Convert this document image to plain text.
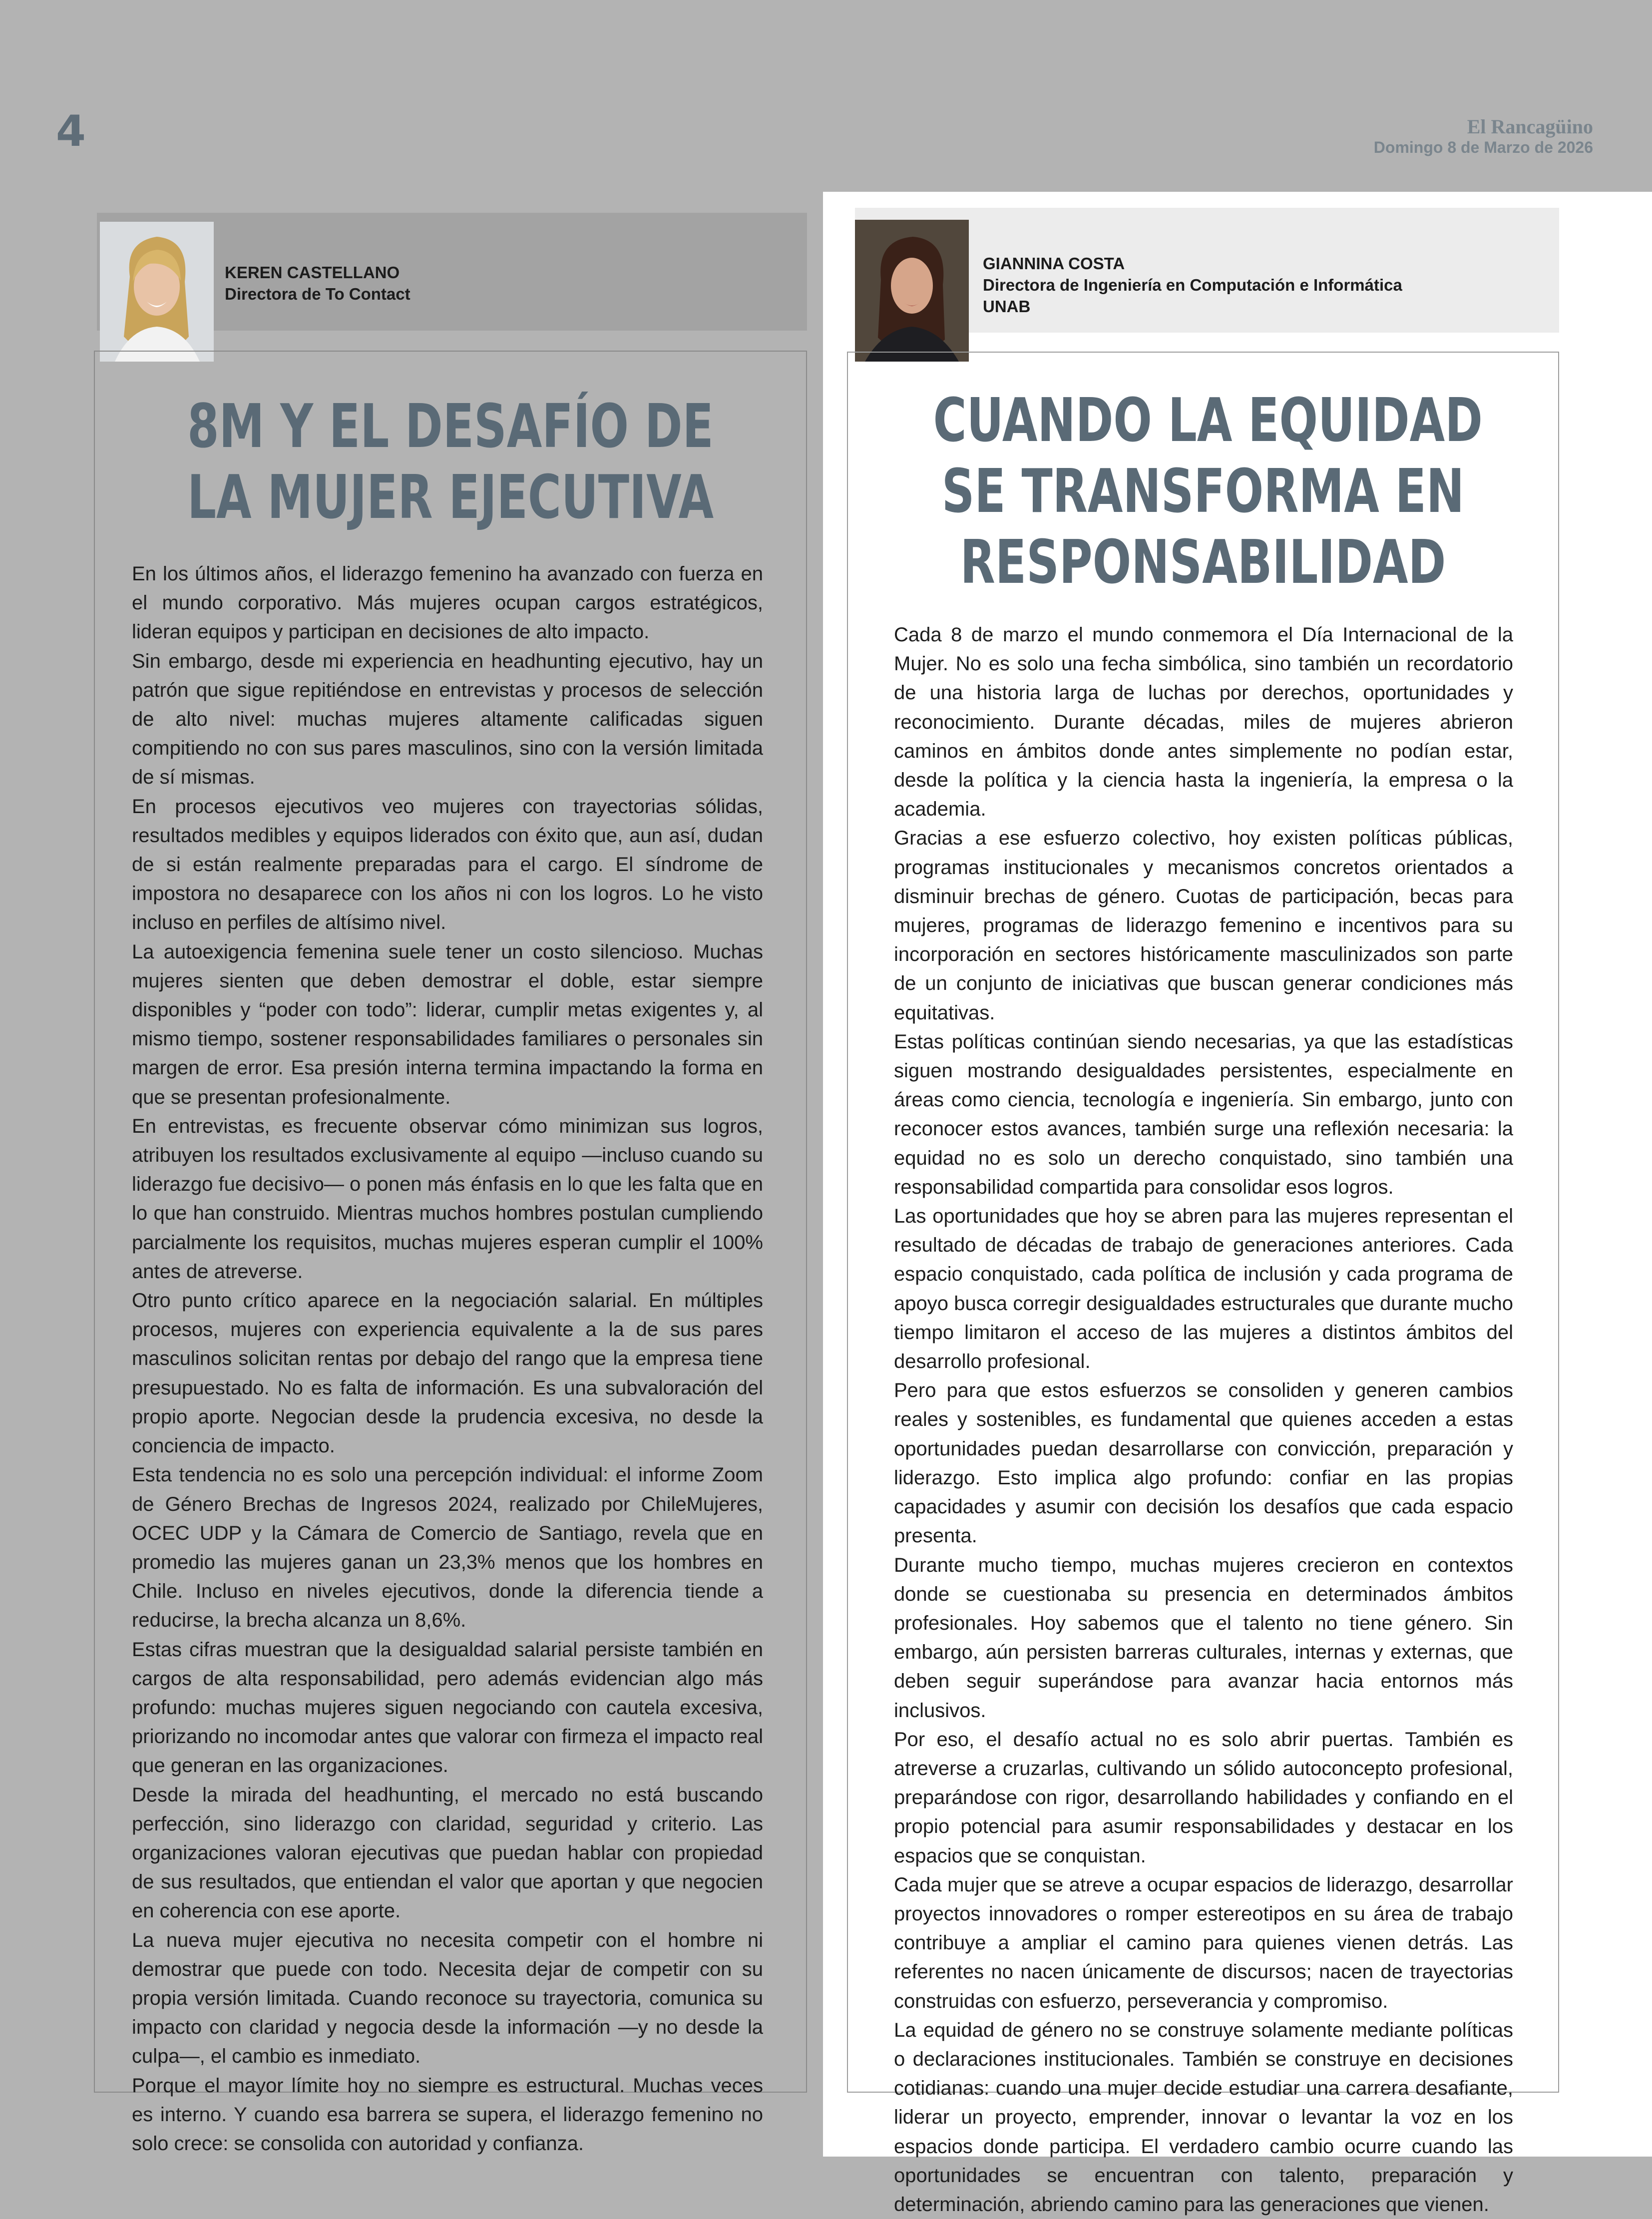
4	El Rancagüino
Domingo 8 de Marzo de 2026
KEREN CASTELLANO
Directora de To Contact
GIANNINA COSTA
Directora de Ingeniería en Computación e Informática
UNAB
8M Y EL DESAFÍO DE
LA MUJER EJECUTIVA

En los últimos años, el liderazgo femenino ha avanzado con fuerza en el mundo corporativo. Más mujeres ocupan cargos estratégicos, lideran equipos y participan en decisiones de alto impacto.

Sin embargo, desde mi experiencia en headhunting ejecutivo, hay un patrón que sigue repitiéndose en entrevistas y procesos de selección de alto nivel: muchas mujeres altamente calificadas siguen compitiendo no con sus pares masculinos, sino con la versión limitada de sí mismas.

En procesos ejecutivos veo mujeres con trayectorias sólidas, resultados medibles y equipos liderados con éxito que, aun así, dudan de si están realmente preparadas para el cargo. El síndrome de impostora no desaparece con los años ni con los logros. Lo he visto incluso en perfiles de altísimo nivel.

La autoexigencia femenina suele tener un costo silencioso. Muchas mujeres sienten que deben demostrar el doble, estar siempre disponibles y “poder con todo”: liderar, cumplir metas exigentes y, al mismo tiempo, sostener responsabilidades familiares o personales sin margen de error. Esa presión interna termina impactando la forma en que se presentan profesionalmente.

En entrevistas, es frecuente observar cómo minimizan sus logros, atribuyen los resultados exclusivamente al equipo —incluso cuando su liderazgo fue decisivo— o ponen más énfasis en lo que les falta que en lo que han construido. Mientras muchos hombres postulan cumpliendo parcialmente los requisitos, muchas mujeres esperan cumplir el 100% antes de atreverse.

Otro punto crítico aparece en la negociación salarial. En múltiples procesos, mujeres con experiencia equivalente a la de sus pares masculinos solicitan rentas por debajo del rango que la empresa tiene presupuestado. No es falta de información. Es una subvaloración del propio aporte. Negocian desde la prudencia excesiva, no desde la conciencia de impacto.

Esta tendencia no es solo una percepción individual: el informe Zoom de Género Brechas de Ingresos 2024, realizado por ChileMujeres, OCEC UDP y la Cámara de Comercio de Santiago, revela que en promedio las mujeres ganan un 23,3% menos que los hombres en Chile. Incluso en niveles ejecutivos, donde la diferencia tiende a reducirse, la brecha alcanza un 8,6%.

Estas cifras muestran que la desigualdad salarial persiste también en cargos de alta responsabilidad, pero además evidencian algo más profundo: muchas mujeres siguen negociando con cautela excesiva, priorizando no incomodar antes que valorar con firmeza el impacto real que generan en las organizaciones.

Desde la mirada del headhunting, el mercado no está buscando perfección, sino liderazgo con claridad, seguridad y criterio. Las organizaciones valoran ejecutivas que puedan hablar con propiedad de sus resultados, que entiendan el valor que aportan y que negocien en coherencia con ese aporte.

La nueva mujer ejecutiva no necesita competir con el hombre ni demostrar que puede con todo. Necesita dejar de competir con su propia versión limitada. Cuando reconoce su trayectoria, comunica su impacto con claridad y negocia desde la información —y no desde la culpa—, el cambio es inmediato.

Porque el mayor límite hoy no siempre es estructural. Muchas veces es interno. Y cuando esa barrera se supera, el liderazgo femenino no solo crece: se consolida con autoridad y confianza.

CUANDO LA EQUIDAD
SE TRANSFORMA EN
RESPONSABILIDAD

Cada 8 de marzo el mundo conmemora el Día Internacional de la Mujer. No es solo una fecha simbólica, sino también un recordatorio de una historia larga de luchas por derechos, oportunidades y reconocimiento. Durante décadas, miles de mujeres abrieron caminos en ámbitos donde antes simplemente no podían estar, desde la política y la ciencia hasta la ingeniería, la empresa o la academia.

Gracias a ese esfuerzo colectivo, hoy existen políticas públicas, programas institucionales y mecanismos concretos orientados a disminuir brechas de género. Cuotas de participación, becas para mujeres, programas de liderazgo femenino e incentivos para su incorporación en sectores históricamente masculinizados son parte de un conjunto de iniciativas que buscan generar condiciones más equitativas.

Estas políticas continúan siendo necesarias, ya que las estadísticas siguen mostrando desigualdades persistentes, especialmente en áreas como ciencia, tecnología e ingeniería. Sin embargo, junto con reconocer estos avances, también surge una reflexión necesaria: la equidad no es solo un derecho conquistado, sino también una responsabilidad compartida para consolidar esos logros.

Las oportunidades que hoy se abren para las mujeres representan el resultado de décadas de trabajo de generaciones anteriores. Cada espacio conquistado, cada política de inclusión y cada programa de apoyo busca corregir desigualdades estructurales que durante mucho tiempo limitaron el acceso de las mujeres a distintos ámbitos del desarrollo profesional.

Pero para que estos esfuerzos se consoliden y generen cambios reales y sostenibles, es fundamental que quienes acceden a estas oportunidades puedan desarrollarse con convicción, preparación y liderazgo. Esto implica algo profundo: confiar en las propias capacidades y asumir con decisión los desafíos que cada espacio presenta.

Durante mucho tiempo, muchas mujeres crecieron en contextos donde se cuestionaba su presencia en determinados ámbitos profesionales. Hoy sabemos que el talento no tiene género. Sin embargo, aún persisten barreras culturales, internas y externas, que deben seguir superándose para avanzar hacia entornos más inclusivos.

Por eso, el desafío actual no es solo abrir puertas. También es atreverse a cruzarlas, cultivando un sólido autoconcepto profesional, preparándose con rigor, desarrollando habilidades y confiando en el propio potencial para asumir responsabilidades y destacar en los espacios que se conquistan.

Cada mujer que se atreve a ocupar espacios de liderazgo, desarrollar proyectos innovadores o romper estereotipos en su área de trabajo contribuye a ampliar el camino para quienes vienen detrás. Las referentes no nacen únicamente de discursos; nacen de trayectorias construidas con esfuerzo, perseverancia y compromiso.

La equidad de género no se construye solamente mediante políticas o declaraciones institucionales. También se construye en decisiones cotidianas: cuando una mujer decide estudiar una carrera desafiante, liderar un proyecto, emprender, innovar o levantar la voz en los espacios donde participa. El verdadero cambio ocurre cuando las oportunidades se encuentran con talento, preparación y determinación, abriendo camino para las generaciones que vienen.
